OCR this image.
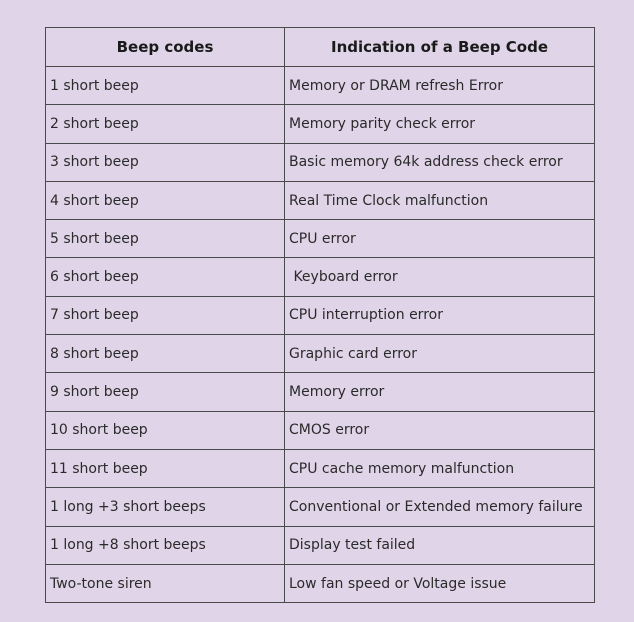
Beep codes	Indication of a Beep Code
1 short beep	Memory or DRAM refresh Error
2 short beep	Memory parity check error
3 short beep	Basic memory 64k address check error
4 short beep	Real Time Clock malfunction
5 short beep	CPU error
6 short beep	Keyboard error
7 short beep	CPU interruption error
8 short beep	Graphic card error
9 short beep	Memory error
10 short beep	CMOS error
11 short beep	CPU cache memory malfunction
1 long +3 short beeps	Conventional or Extended memory failure
1 long +8 short beeps	Display test failed
Two-tone siren	Low fan speed or Voltage issue
